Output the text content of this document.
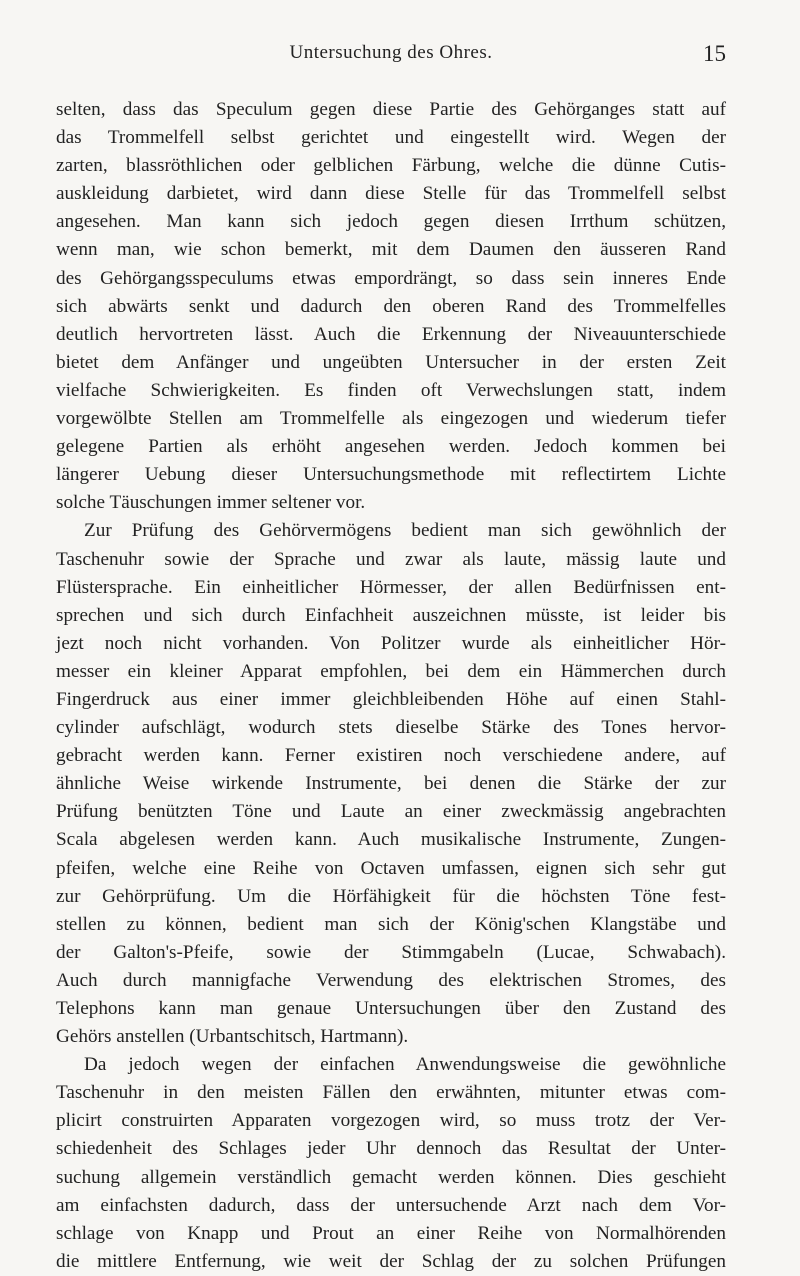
Untersuchung des Ohres.	15

selten, dass das Speculum gegen diese Partie des Gehörganges statt auf
das Trommelfell selbst gerichtet und eingestellt wird. Wegen der
zarten, blassröthlichen oder gelblichen Färbung, welche die dünne Cutis-
auskleidung darbietet, wird dann diese Stelle für das Trommelfell selbst
angesehen. Man kann sich jedoch gegen diesen Irrthum schützen,
wenn man, wie schon bemerkt, mit dem Daumen den äusseren Rand
des Gehörgangsspeculums etwas empordrängt, so dass sein inneres Ende
sich abwärts senkt und dadurch den oberen Rand des Trommelfelles
deutlich hervortreten lässt. Auch die Erkennung der Niveauunterschiede
bietet dem Anfänger und ungeübten Untersucher in der ersten Zeit
vielfache Schwierigkeiten. Es finden oft Verwechslungen statt, indem
vorgewölbte Stellen am Trommelfelle als eingezogen und wiederum tiefer
gelegene Partien als erhöht angesehen werden. Jedoch kommen bei
längerer Uebung dieser Untersuchungsmethode mit reflectirtem Lichte
solche Täuschungen immer seltener vor.

Zur Prüfung des Gehörvermögens bedient man sich gewöhnlich der
Taschenuhr sowie der Sprache und zwar als laute, mässig laute und
Flüstersprache. Ein einheitlicher Hörmesser, der allen Bedürfnissen ent-
sprechen und sich durch Einfachheit auszeichnen müsste, ist leider bis
jezt noch nicht vorhanden. Von Politzer wurde als einheitlicher Hör-
messer ein kleiner Apparat empfohlen, bei dem ein Hämmerchen durch
Fingerdruck aus einer immer gleichbleibenden Höhe auf einen Stahl-
cylinder aufschlägt, wodurch stets dieselbe Stärke des Tones hervor-
gebracht werden kann. Ferner existiren noch verschiedene andere, auf
ähnliche Weise wirkende Instrumente, bei denen die Stärke der zur
Prüfung benützten Töne und Laute an einer zweckmässig angebrachten
Scala abgelesen werden kann. Auch musikalische Instrumente, Zungen-
pfeifen, welche eine Reihe von Octaven umfassen, eignen sich sehr gut
zur Gehörprüfung. Um die Hörfähigkeit für die höchsten Töne fest-
stellen zu können, bedient man sich der König'schen Klangstäbe und
der Galton's-Pfeife, sowie der Stimmgabeln (Lucae, Schwabach).
Auch durch mannigfache Verwendung des elektrischen Stromes, des
Telephons kann man genaue Untersuchungen über den Zustand des
Gehörs anstellen (Urbantschitsch, Hartmann).

Da jedoch wegen der einfachen Anwendungsweise die gewöhnliche
Taschenuhr in den meisten Fällen den erwähnten, mitunter etwas com-
plicirt construirten Apparaten vorgezogen wird, so muss trotz der Ver-
schiedenheit des Schlages jeder Uhr dennoch das Resultat der Unter-
suchung allgemein verständlich gemacht werden können. Dies geschieht
am einfachsten dadurch, dass der untersuchende Arzt nach dem Vor-
schlage von Knapp und Prout an einer Reihe von Normalhörenden
die mittlere Entfernung, wie weit der Schlag der zu solchen Prüfungen
